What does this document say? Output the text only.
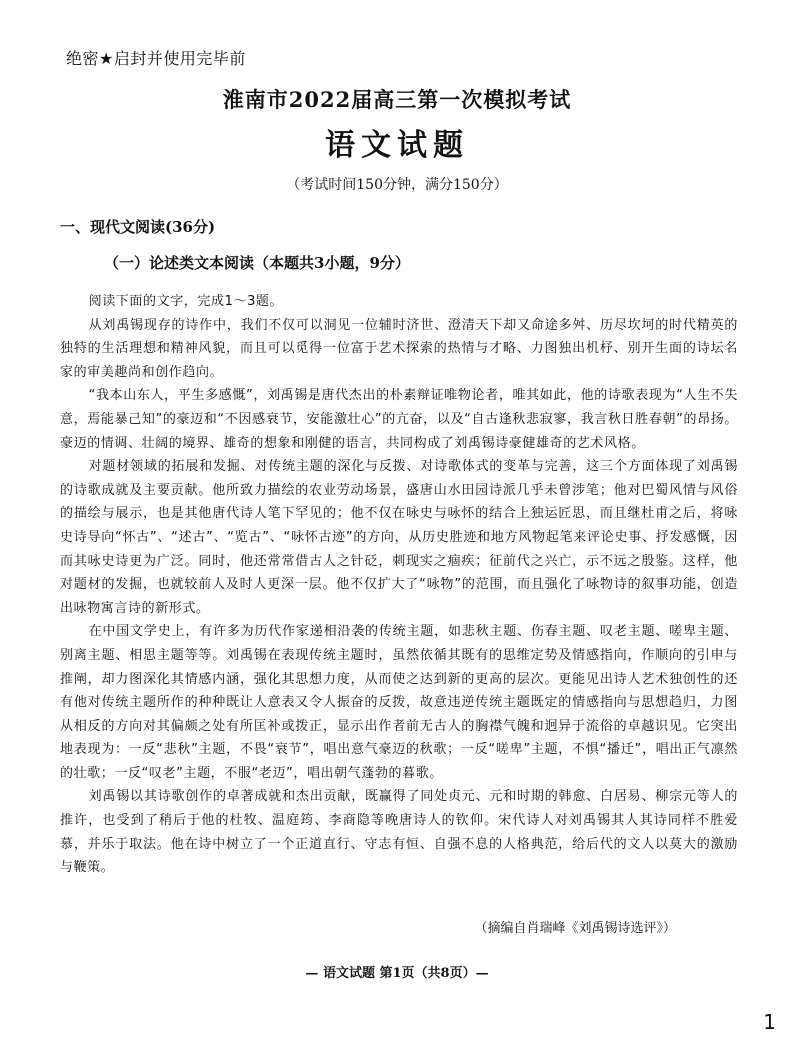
绝密★启封并使用完毕前
淮南市2022届高三第一次模拟考试
语文试题
（考试时间150分钟，满分150分）
一、现代文阅读(36分)
（一）论述类文本阅读（本题共3小题，9分）

阅读下面的文字，完成1～3题。

从刘禹锡现存的诗作中，我们不仅可以洞见一位辅时济世、澄清天下却又命途多舛、历尽坎坷的时代精英的独特的生活理想和精神风貌，而且可以觅得一位富于艺术探索的热情与才略、力图独出机杼、别开生面的诗坛名家的审美趣尚和创作趋向。

“我本山东人，平生多感慨”，刘禹锡是唐代杰出的朴素辩证唯物论者，唯其如此，他的诗歌表现为“人生不失意，焉能暴己知”的豪迈和“不因感衰节，安能激壮心”的亢奋，以及“自古逢秋悲寂寥，我言秋日胜春朝”的昂扬。豪迈的情调、壮阔的境界、雄奇的想象和刚健的语言，共同构成了刘禹锡诗豪健雄奇的艺术风格。

对题材领域的拓展和发掘、对传统主题的深化与反拨、对诗歌体式的变革与完善，这三个方面体现了刘禹锡的诗歌成就及主要贡献。他所致力描绘的农业劳动场景，盛唐山水田园诗派几乎未曾涉笔；他对巴蜀风情与风俗的描绘与展示，也是其他唐代诗人笔下罕见的；他不仅在咏史与咏怀的结合上独运匠思，而且继杜甫之后，将咏史诗导向“怀古”、“述古”、“览古”、“咏怀古迹”的方向，从历史胜迹和地方风物起笔来评论史事、抒发感慨，因而其咏史诗更为广泛。同时，他还常常借古人之针砭，刺现实之痼疾；征前代之兴亡，示不远之殷鉴。这样，他对题材的发掘，也就较前人及时人更深一层。他不仅扩大了“咏物”的范围，而且强化了咏物诗的叙事功能，创造出咏物寓言诗的新形式。

在中国文学史上，有许多为历代作家递相沿袭的传统主题，如悲秋主题、伤春主题、叹老主题、嗟卑主题、别离主题、相思主题等等。刘禹锡在表现传统主题时，虽然依循其既有的思维定势及情感指向，作顺向的引申与推阐，却力图深化其情感内涵，强化其思想力度，从而使之达到新的更高的层次。更能见出诗人艺术独创性的还有他对传统主题所作的种种既让人意表又令人振奋的反拨，故意违逆传统主题既定的情感指向与思想趋归，力图从相反的方向对其偏颇之处有所匡补或拨正，显示出作者前无古人的胸襟气魄和迥异于流俗的卓越识见。它突出地表现为：一反“悲秋”主题，不畏“衰节”，唱出意气豪迈的秋歌；一反“嗟卑”主题，不惧“播迁”，唱出正气凛然的壮歌；一反“叹老”主题，不服“老迈”，唱出朝气蓬勃的暮歌。

刘禹锡以其诗歌创作的卓著成就和杰出贡献，既赢得了同处贞元、元和时期的韩愈、白居易、柳宗元等人的推许，也受到了稍后于他的杜牧、温庭筠、李商隐等晚唐诗人的钦仰。宋代诗人对刘禹锡其人其诗同样不胜爱慕，并乐于取法。他在诗中树立了一个正道直行、守志有恒、自强不息的人格典范，给后代的文人以莫大的激励与鞭策。

（摘编自肖瑞峰《刘禹锡诗选评》）
— 语文试题 第1页（共8页）—
1
